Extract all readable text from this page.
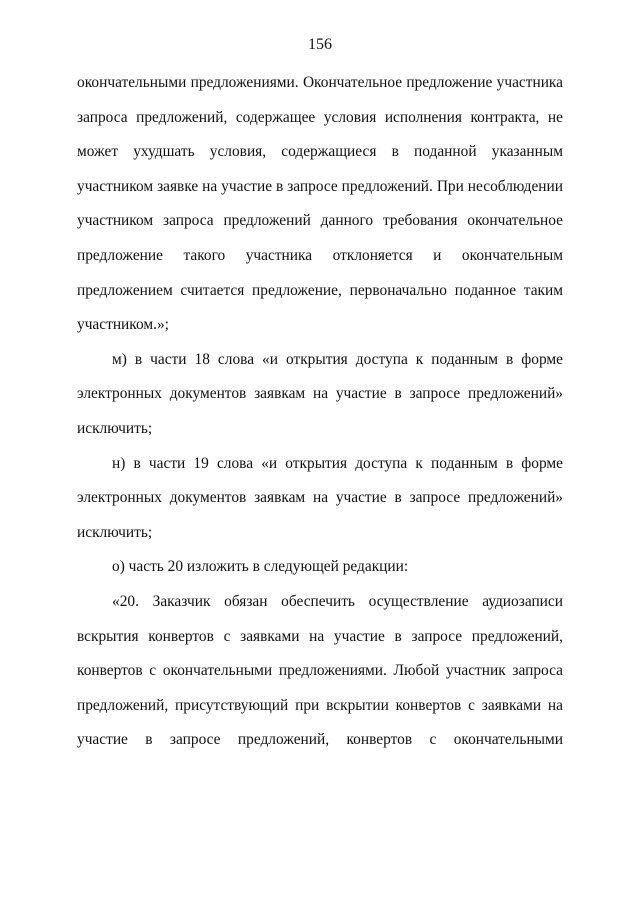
156
окончательными предложениями. Окончательное предложение участника
запроса предложений, содержащее условия исполнения контракта, не
может ухудшать условия, содержащиеся в поданной указанным
участником заявке на участие в запросе предложений. При несоблюдении
участником запроса предложений данного требования окончательное
предложение такого участника отклоняется и окончательным
предложением считается предложение, первоначально поданное таким
участником.»;
м) в части 18 слова «и открытия доступа к поданным в форме
электронных документов заявкам на участие в запросе предложений»
исключить;
н) в части 19 слова «и открытия доступа к поданным в форме
электронных документов заявкам на участие в запросе предложений»
исключить;
о) часть 20 изложить в следующей редакции:
«20. Заказчик обязан обеспечить осуществление аудиозаписи
вскрытия конвертов с заявками на участие в запросе предложений,
конвертов с окончательными предложениями. Любой участник запроса
предложений, присутствующий при вскрытии конвертов с заявками на
участие в запросе предложений, конвертов с окончательными
